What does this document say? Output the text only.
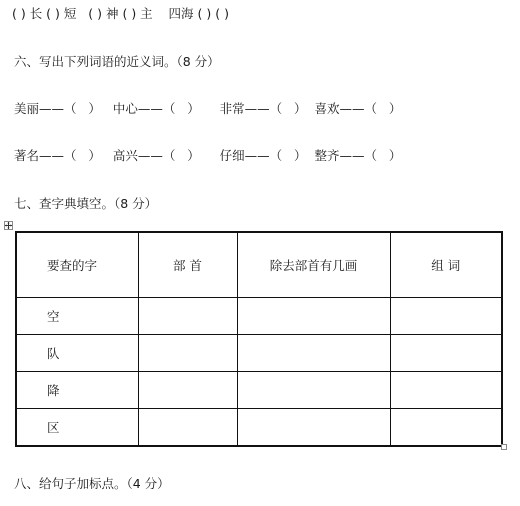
( ) 长 ( ) 短   ( ) 神 ( ) 主    四海 ( ) ( )
六、写出下列词语的近义词。（8 分）
美丽——（   ）   中心——（   ）     非常——（   ）  喜欢——（   ）
著名——（   ）   高兴——（   ）     仔细——（   ）  整齐——（   ）
七、查字典填空。（8 分）
要查的字	部 首	除去部首有几画	组 词
空			
队			
降			
区			
八、给句子加标点。（4 分）
